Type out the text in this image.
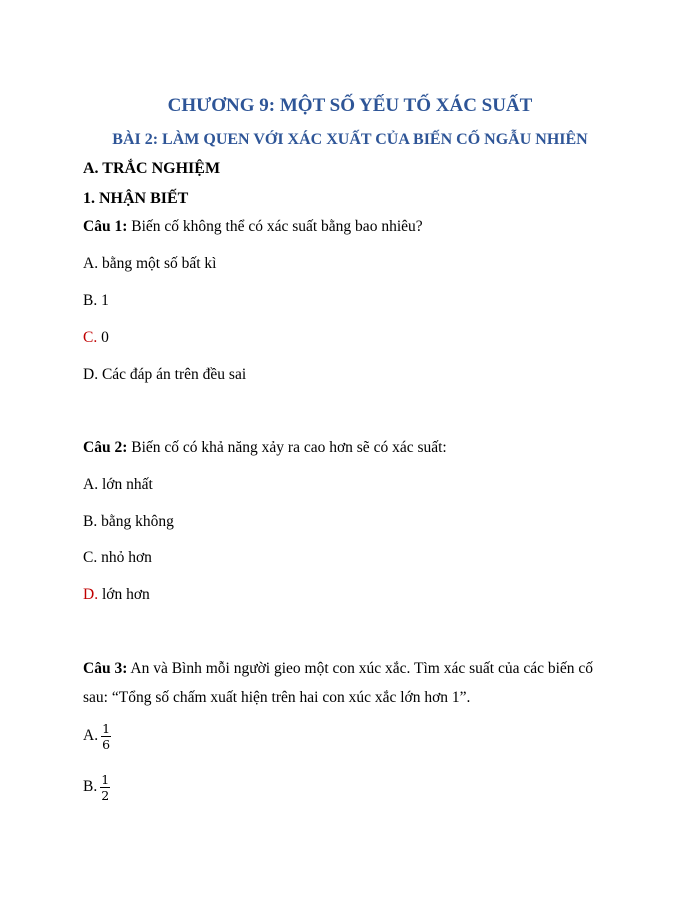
CHƯƠNG 9: MỘT SỐ YẾU TỐ XÁC SUẤT
BÀI 2: LÀM QUEN VỚI XÁC XUẤT CỦA BIẾN CỐ NGẪU NHIÊN
A. TRẮC NGHIỆM
1. NHẬN BIẾT
Câu 1: Biến cố không thể có xác suất bằng bao nhiêu?
A. bằng một số bất kì
B. 1
C. 0
D. Các đáp án trên đều sai
Câu 2: Biến cố có khả năng xảy ra cao hơn sẽ có xác suất:
A. lớn nhất
B. bằng không
C. nhỏ hơn
D. lớn hơn
Câu 3: An và Bình mỗi người gieo một con xúc xắc. Tìm xác suất của các biến cố
sau: “Tổng số chấm xuất hiện trên hai con xúc xắc lớn hơn 1”.
A. $\frac{1}{6}$
B. $\frac{1}{2}$
